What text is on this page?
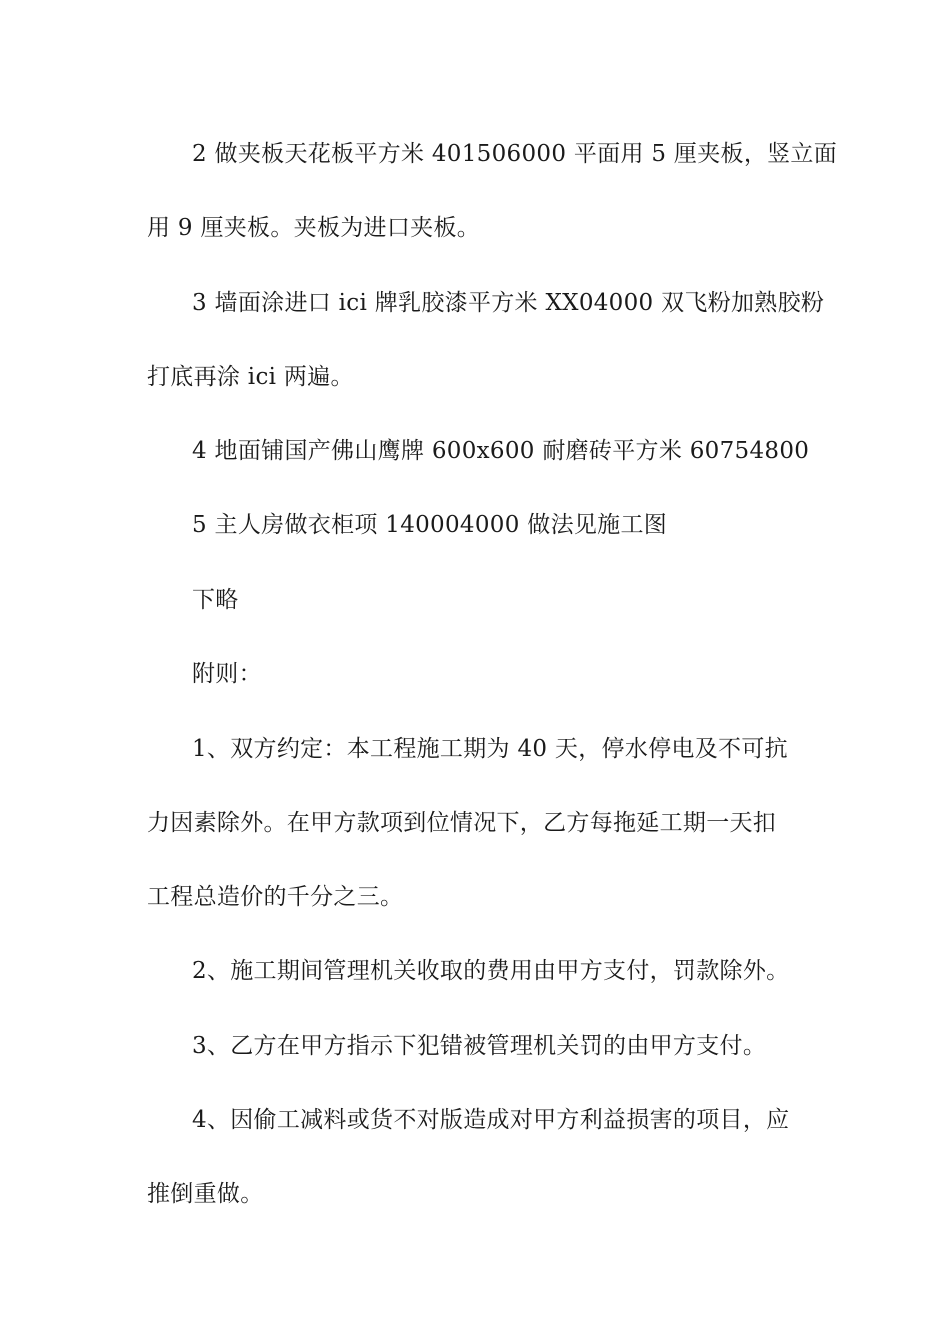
2 做夹板天花板平方米 401506000 平面用 5 厘夹板，竖立面
用 9 厘夹板。夹板为进口夹板。
3 墙面涂进口 ici 牌乳胶漆平方米 XX04000 双飞粉加熟胶粉
打底再涂 ici 两遍。
4 地面铺国产佛山鹰牌 600x600 耐磨砖平方米 60754800
5 主人房做衣柜项 140004000 做法见施工图
下略
附则：
1、双方约定：本工程施工期为 40 天，停水停电及不可抗
力因素除外。在甲方款项到位情况下，乙方每拖延工期一天扣
工程总造价的千分之三。
2、施工期间管理机关收取的费用由甲方支付，罚款除外。
3、乙方在甲方指示下犯错被管理机关罚的由甲方支付。
4、因偷工减料或货不对版造成对甲方利益损害的项目，应
推倒重做。
